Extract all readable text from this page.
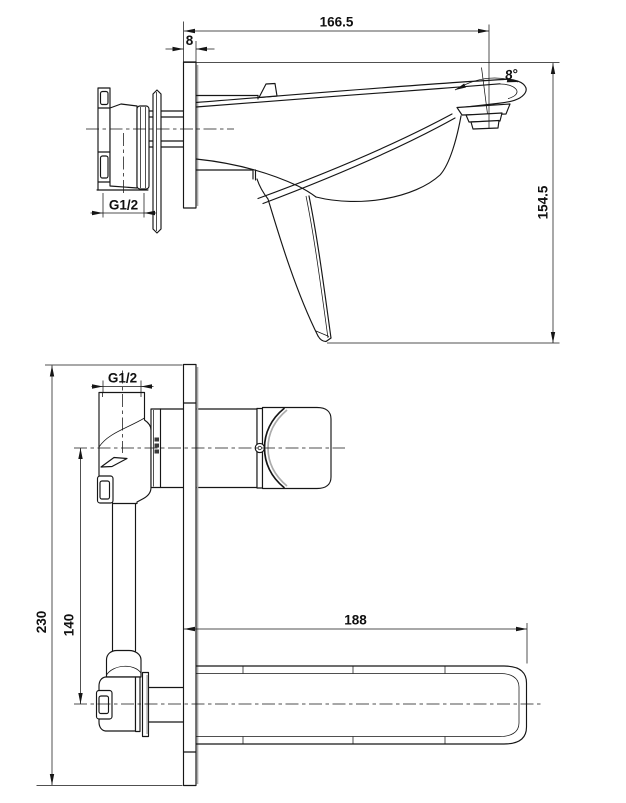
166.5
8
8°
154.5
G1/2
G1/2
230 140	188
